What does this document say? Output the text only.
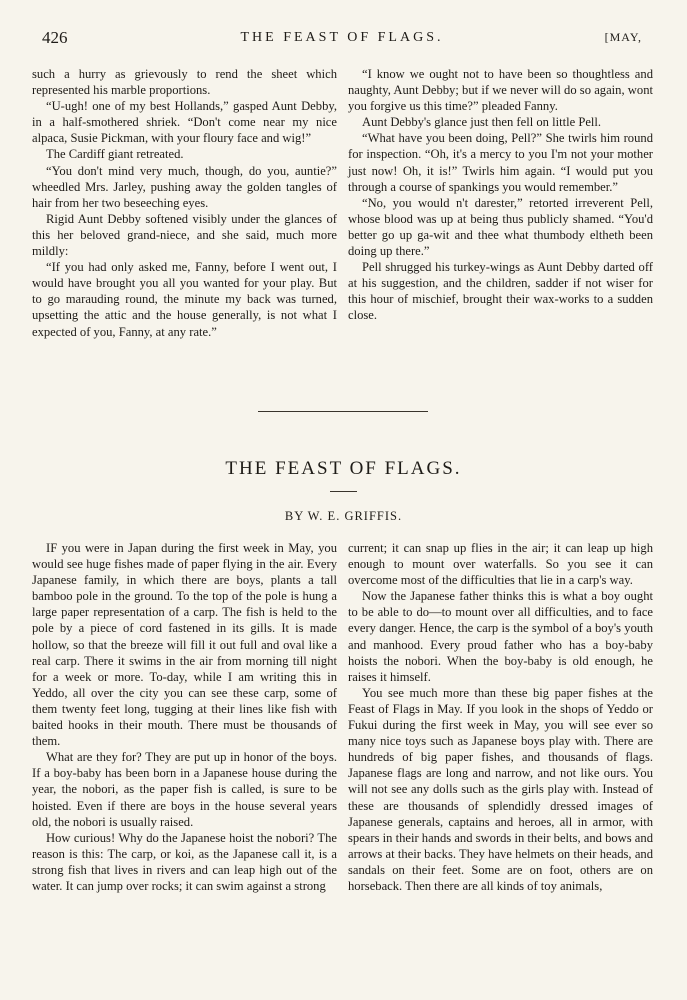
426	THE FEAST OF FLAGS.	[MAY,

such a hurry as grievously to rend the sheet which represented his marble proportions.

“U-ugh! one of my best Hollands,” gasped Aunt Debby, in a half-smothered shriek. “Don't come near my nice alpaca, Susie Pickman, with your floury face and wig!”

The Cardiff giant retreated.

“You don't mind very much, though, do you, auntie?” wheedled Mrs. Jarley, pushing away the golden tangles of hair from her two beseeching eyes.

Rigid Aunt Debby softened visibly under the glances of this her beloved grand-niece, and she said, much more mildly:

“If you had only asked me, Fanny, before I went out, I would have brought you all you wanted for your play. But to go marauding round, the minute my back was turned, upsetting the attic and the house generally, is not what I expected of you, Fanny, at any rate.”

“I know we ought not to have been so thoughtless and naughty, Aunt Debby; but if we never will do so again, wont you forgive us this time?” pleaded Fanny.

Aunt Debby's glance just then fell on little Pell.

“What have you been doing, Pell?” She twirls him round for inspection. “Oh, it's a mercy to you I'm not your mother just now! Oh, it is!” Twirls him again. “I would put you through a course of spankings you would remember.”

“No, you would n't darester,” retorted irreverent Pell, whose blood was up at being thus publicly shamed. “You'd better go up ga-wit and thee what thumbody eltheth been doing up there.”

Pell shrugged his turkey-wings as Aunt Debby darted off at his suggestion, and the children, sadder if not wiser for this hour of mischief, brought their wax-works to a sudden close.

THE FEAST OF FLAGS.
BY W. E. GRIFFIS.

IF you were in Japan during the first week in May, you would see huge fishes made of paper flying in the air. Every Japanese family, in which there are boys, plants a tall bamboo pole in the ground. To the top of the pole is hung a large paper representation of a carp. The fish is held to the pole by a piece of cord fastened in its gills. It is made hollow, so that the breeze will fill it out full and oval like a real carp. There it swims in the air from morning till night for a week or more. To-day, while I am writing this in Yeddo, all over the city you can see these carp, some of them twenty feet long, tugging at their lines like fish with baited hooks in their mouth. There must be thousands of them.

What are they for? They are put up in honor of the boys. If a boy-baby has been born in a Japanese house during the year, the nobori, as the paper fish is called, is sure to be hoisted. Even if there are boys in the house several years old, the nobori is usually raised.

How curious! Why do the Japanese hoist the nobori? The reason is this: The carp, or koi, as the Japanese call it, is a strong fish that lives in rivers and can leap high out of the water. It can jump over rocks; it can swim against a strong

current; it can snap up flies in the air; it can leap up high enough to mount over waterfalls. So you see it can overcome most of the difficulties that lie in a carp's way.

Now the Japanese father thinks this is what a boy ought to be able to do—to mount over all difficulties, and to face every danger. Hence, the carp is the symbol of a boy's youth and manhood. Every proud father who has a boy-baby hoists the nobori. When the boy-baby is old enough, he raises it himself.

You see much more than these big paper fishes at the Feast of Flags in May. If you look in the shops of Yeddo or Fukui during the first week in May, you will see ever so many nice toys such as Japanese boys play with. There are hundreds of big paper fishes, and thousands of flags. Japanese flags are long and narrow, and not like ours. You will not see any dolls such as the girls play with. Instead of these are thousands of splendidly dressed images of Japanese generals, captains and heroes, all in armor, with spears in their hands and swords in their belts, and bows and arrows at their backs. They have helmets on their heads, and sandals on their feet. Some are on foot, others are on horseback. Then there are all kinds of toy animals,
